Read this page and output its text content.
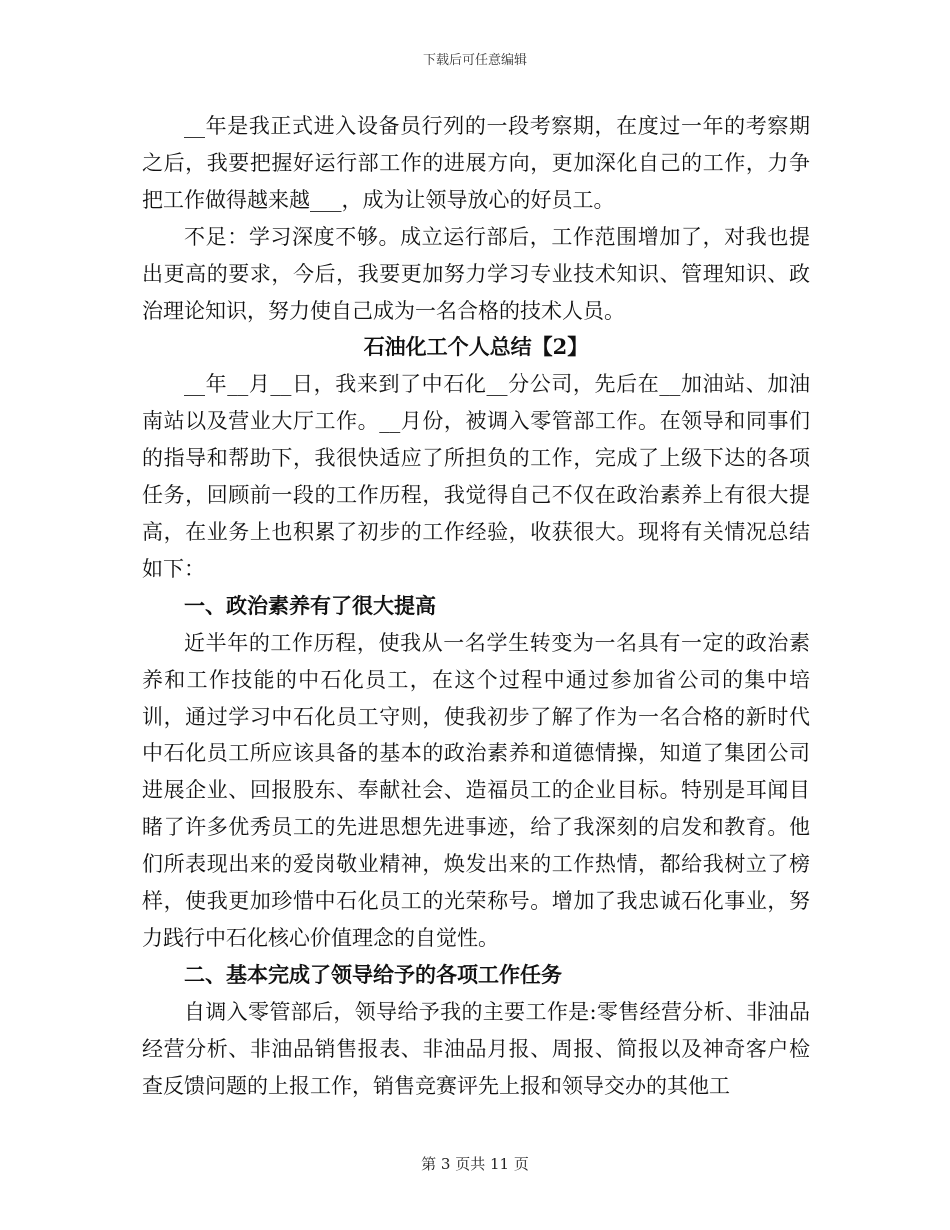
下载后可任意编辑

__年是我正式进入设备员行列的一段考察期，在度过一年的考察期之后，我要把握好运行部工作的进展方向，更加深化自己的工作，力争把工作做得越来越___，成为让领导放心的好员工。

不足：学习深度不够。成立运行部后，工作范围增加了，对我也提出更高的要求，今后，我要更加努力学习专业技术知识、管理知识、政治理论知识，努力使自己成为一名合格的技术人员。

石油化工个人总结【2】

__年__月__日，我来到了中石化__分公司，先后在__加油站、加油南站以及营业大厅工作。__月份，被调入零管部工作。在领导和同事们的指导和帮助下，我很快适应了所担负的工作，完成了上级下达的各项任务，回顾前一段的工作历程，我觉得自己不仅在政治素养上有很大提高，在业务上也积累了初步的工作经验，收获很大。现将有关情况总结如下：

一、政治素养有了很大提高

近半年的工作历程，使我从一名学生转变为一名具有一定的政治素养和工作技能的中石化员工，在这个过程中通过参加省公司的集中培训，通过学习中石化员工守则，使我初步了解了作为一名合格的新时代中石化员工所应该具备的基本的政治素养和道德情操，知道了集团公司进展企业、回报股东、奉献社会、造福员工的企业目标。特别是耳闻目睹了许多优秀员工的先进思想先进事迹，给了我深刻的启发和教育。他们所表现出来的爱岗敬业精神，焕发出来的工作热情，都给我树立了榜样，使我更加珍惜中石化员工的光荣称号。增加了我忠诚石化事业，努力践行中石化核心价值理念的自觉性。

二、基本完成了领导给予的各项工作任务

自调入零管部后，领导给予我的主要工作是:零售经营分析、非油品经营分析、非油品销售报表、非油品月报、周报、简报以及神奇客户检查反馈问题的上报工作，销售竞赛评先上报和领导交办的其他工

第 3 页共 11 页
